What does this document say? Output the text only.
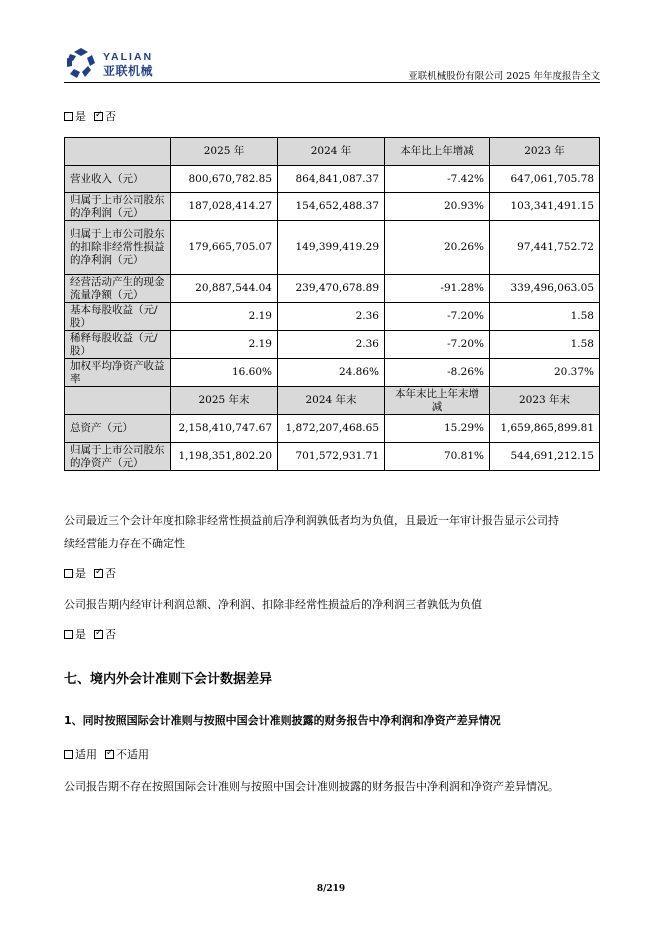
YALIAN
亚联机械	亚联机械股份有限公司 2025 年年度报告全文
是 ✓ 否
	2025 年	2024 年	本年比上年增减	2023 年
营业收入（元）	800,670,782.85	864,841,087.37	-7.42%	647,061,705.78
归属于上市公司股东的净利润（元）	187,028,414.27	154,652,488.37	20.93%	103,341,491.15
归属于上市公司股东的扣除非经常性损益的净利润（元）	179,665,705.07	149,399,419.29	20.26%	97,441,752.72
经营活动产生的现金流量净额（元）	20,887,544.04	239,470,678.89	-91.28%	339,496,063.05
基本每股收益（元/股）	2.19	2.36	-7.20%	1.58
稀释每股收益（元/股）	2.19	2.36	-7.20%	1.58
加权平均净资产收益率	16.60%	24.86%	-8.26%	20.37%
	2025 年末	2024 年末	本年末比上年末增减	2023 年末
总资产（元）	2,158,410,747.67	1,872,207,468.65	15.29%	1,659,865,899.81
归属于上市公司股东的净资产（元）	1,198,351,802.20	701,572,931.71	70.81%	544,691,212.15
公司最近三个会计年度扣除非经常性损益前后净利润孰低者均为负值，且最近一年审计报告显示公司持
续经营能力存在不确定性
是 ✓ 否
公司报告期内经审计利润总额、净利润、扣除非经常性损益后的净利润三者孰低为负值
是 ✓ 否
七、境内外会计准则下会计数据差异
1、同时按照国际会计准则与按照中国会计准则披露的财务报告中净利润和净资产差异情况
适用 ✓ 不适用
公司报告期不存在按照国际会计准则与按照中国会计准则披露的财务报告中净利润和净资产差异情况。
8/219
